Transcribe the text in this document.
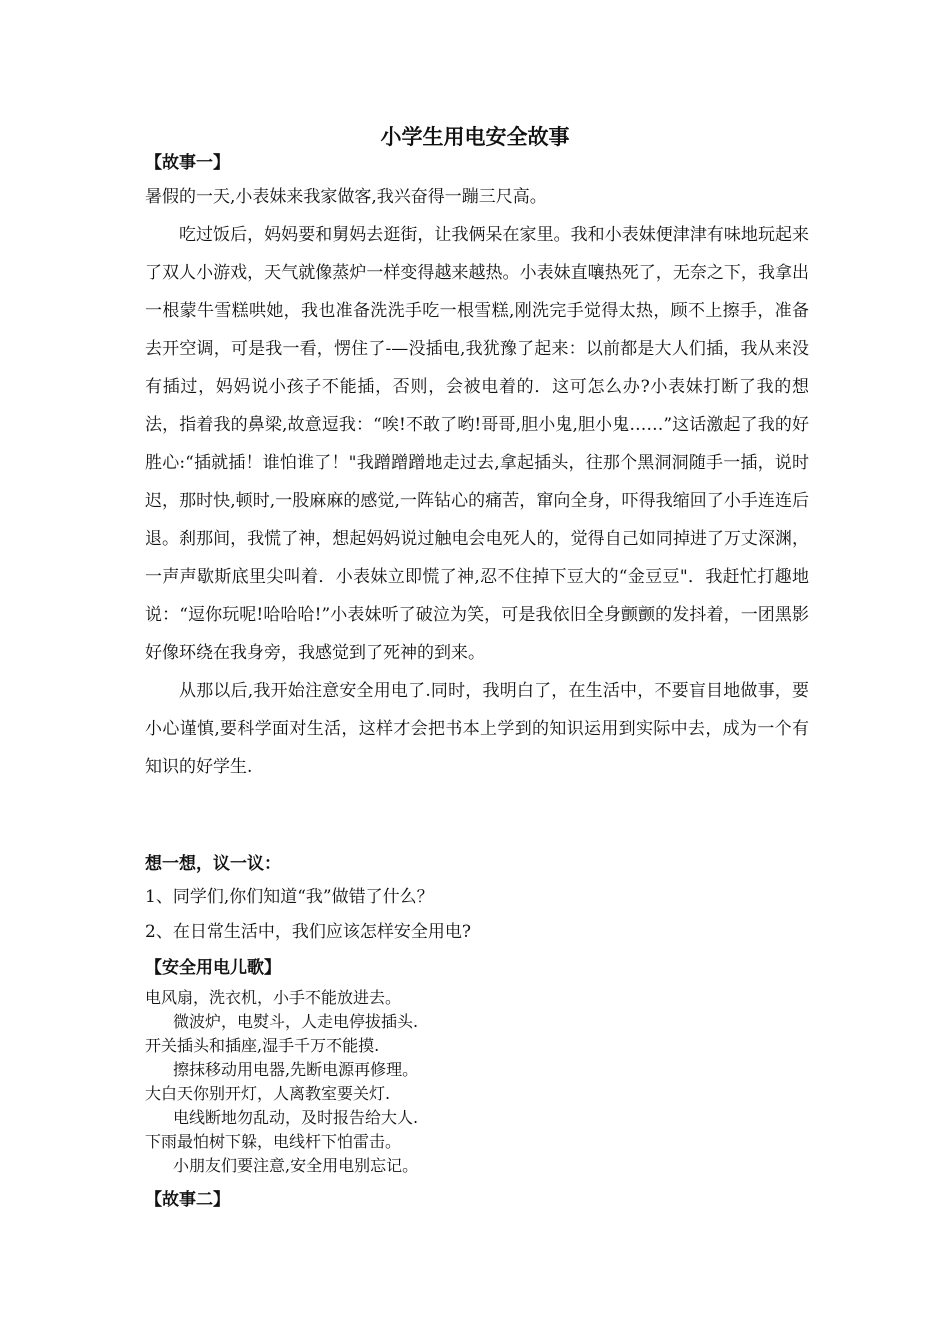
小学生用电安全故事
【故事一】

暑假的一天,小表妹来我家做客,我兴奋得一蹦三尺高。

吃过饭后，妈妈要和舅妈去逛街，让我俩呆在家里。我和小表妹便津津有味地玩起来了双人小游戏，天气就像蒸炉一样变得越来越热。小表妹直嚷热死了，无奈之下，我拿出一根蒙牛雪糕哄她，我也准备洗洗手吃一根雪糕,刚洗完手觉得太热，顾不上擦手，准备去开空调，可是我一看，愣住了-—没插电,我犹豫了起来：以前都是大人们插，我从来没有插过，妈妈说小孩子不能插，否则，会被电着的．这可怎么办?小表妹打断了我的想法，指着我的鼻梁,故意逗我：“唉!不敢了哟!哥哥,胆小鬼,胆小鬼……”这话激起了我的好胜心:“插就插！谁怕谁了！"我蹭蹭蹭地走过去,拿起插头，往那个黑洞洞随手一插，说时迟，那时快,顿时,一股麻麻的感觉,一阵钻心的痛苦，窜向全身，吓得我缩回了小手连连后退。刹那间，我慌了神，想起妈妈说过触电会电死人的，觉得自己如同掉进了万丈深渊，一声声歇斯底里尖叫着．小表妹立即慌了神,忍不住掉下豆大的“金豆豆"．我赶忙打趣地说：“逗你玩呢!哈哈哈!”小表妹听了破泣为笑，可是我依旧全身颤颤的发抖着，一团黑影好像环绕在我身旁，我感觉到了死神的到来。

从那以后,我开始注意安全用电了.同时，我明白了，在生活中，不要盲目地做事，要小心谨慎,要科学面对生活，这样才会把书本上学到的知识运用到实际中去，成为一个有知识的好学生.

想一想，议一议：
1、同学们,你们知道“我”做错了什么？
2、在日常生活中，我们应该怎样安全用电?
【安全用电儿歌】
电风扇，洗衣机，小手不能放进去。
微波炉，电熨斗，人走电停拔插头.
开关插头和插座,湿手千万不能摸.
擦抹移动用电器,先断电源再修理。
大白天你别开灯，人离教室要关灯.
电线断地勿乱动，及时报告给大人.
下雨最怕树下躲，电线杆下怕雷击。
小朋友们要注意,安全用电别忘记。
【故事二】
